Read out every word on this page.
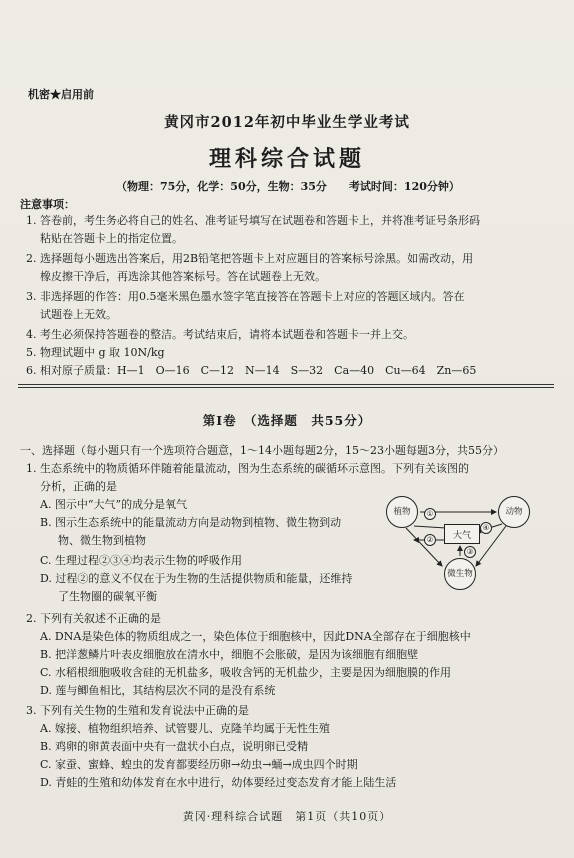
机密★启用前
黄冈市2012年初中毕业生学业考试
理科综合试题
（物理：75分，化学：50分，生物：35分　　考试时间：120分钟）
注意事项：
1. 答卷前，考生务必将自己的姓名、准考证号填写在试题卷和答题卡上，并将准考证号条形码
粘贴在答题卡上的指定位置。
2. 选择题每小题选出答案后，用2B铅笔把答题卡上对应题目的答案标号涂黑。如需改动，用
橡皮擦干净后，再选涂其他答案标号。答在试题卷上无效。
3. 非选择题的作答：用0.5毫米黑色墨水签字笔直接答在答题卡上对应的答题区域内。答在
试题卷上无效。
4. 考生必须保持答题卷的整洁。考试结束后，请将本试题卷和答题卡一并上交。
5. 物理试题中 g 取 10N/kg
6. 相对原子质量：H—1　O—16　C—12　N—14　S—32　Ca—40　Cu—64　Zn—65
第Ⅰ卷　（选择题　共55分）
一、选择题（每小题只有一个选项符合题意，1～14小题每题2分，15～23小题每题3分，共55分）
1. 生态系统中的物质循环伴随着能量流动，图为生态系统的碳循环示意图。下列有关该图的
分析，正确的是
A. 图示中“大气”的成分是氧气
B. 图示生态系统中的能量流动方向是动物到植物、微生物到动
物、微生物到植物
C. 生理过程②③④均表示生物的呼吸作用
D. 过程②的意义不仅在于为生物的生活提供物质和能量，还维持
了生物圈的碳氧平衡
植物	动物
大气
微生物
①
②
③
④
2. 下列有关叙述不正确的是
A. DNA是染色体的物质组成之一，染色体位于细胞核中，因此DNA全部存在于细胞核中
B. 把洋葱鳞片叶表皮细胞放在清水中，细胞不会胀破，是因为该细胞有细胞壁
C. 水稻根细胞吸收含硅的无机盐多，吸收含钙的无机盐少，主要是因为细胞膜的作用
D. 莲与鲫鱼相比，其结构层次不同的是没有系统
3. 下列有关生物的生殖和发育说法中正确的是
A. 嫁接、植物组织培养、试管婴儿、克隆羊均属于无性生殖
B. 鸡卵的卵黄表面中央有一盘状小白点，说明卵已受精
C. 家蚕、蜜蜂、蝗虫的发育都要经历卵→幼虫→蛹→成虫四个时期
D. 青蛙的生殖和幼体发育在水中进行，幼体要经过变态发育才能上陆生活
黄冈·理科综合试题　第1页（共10页）
